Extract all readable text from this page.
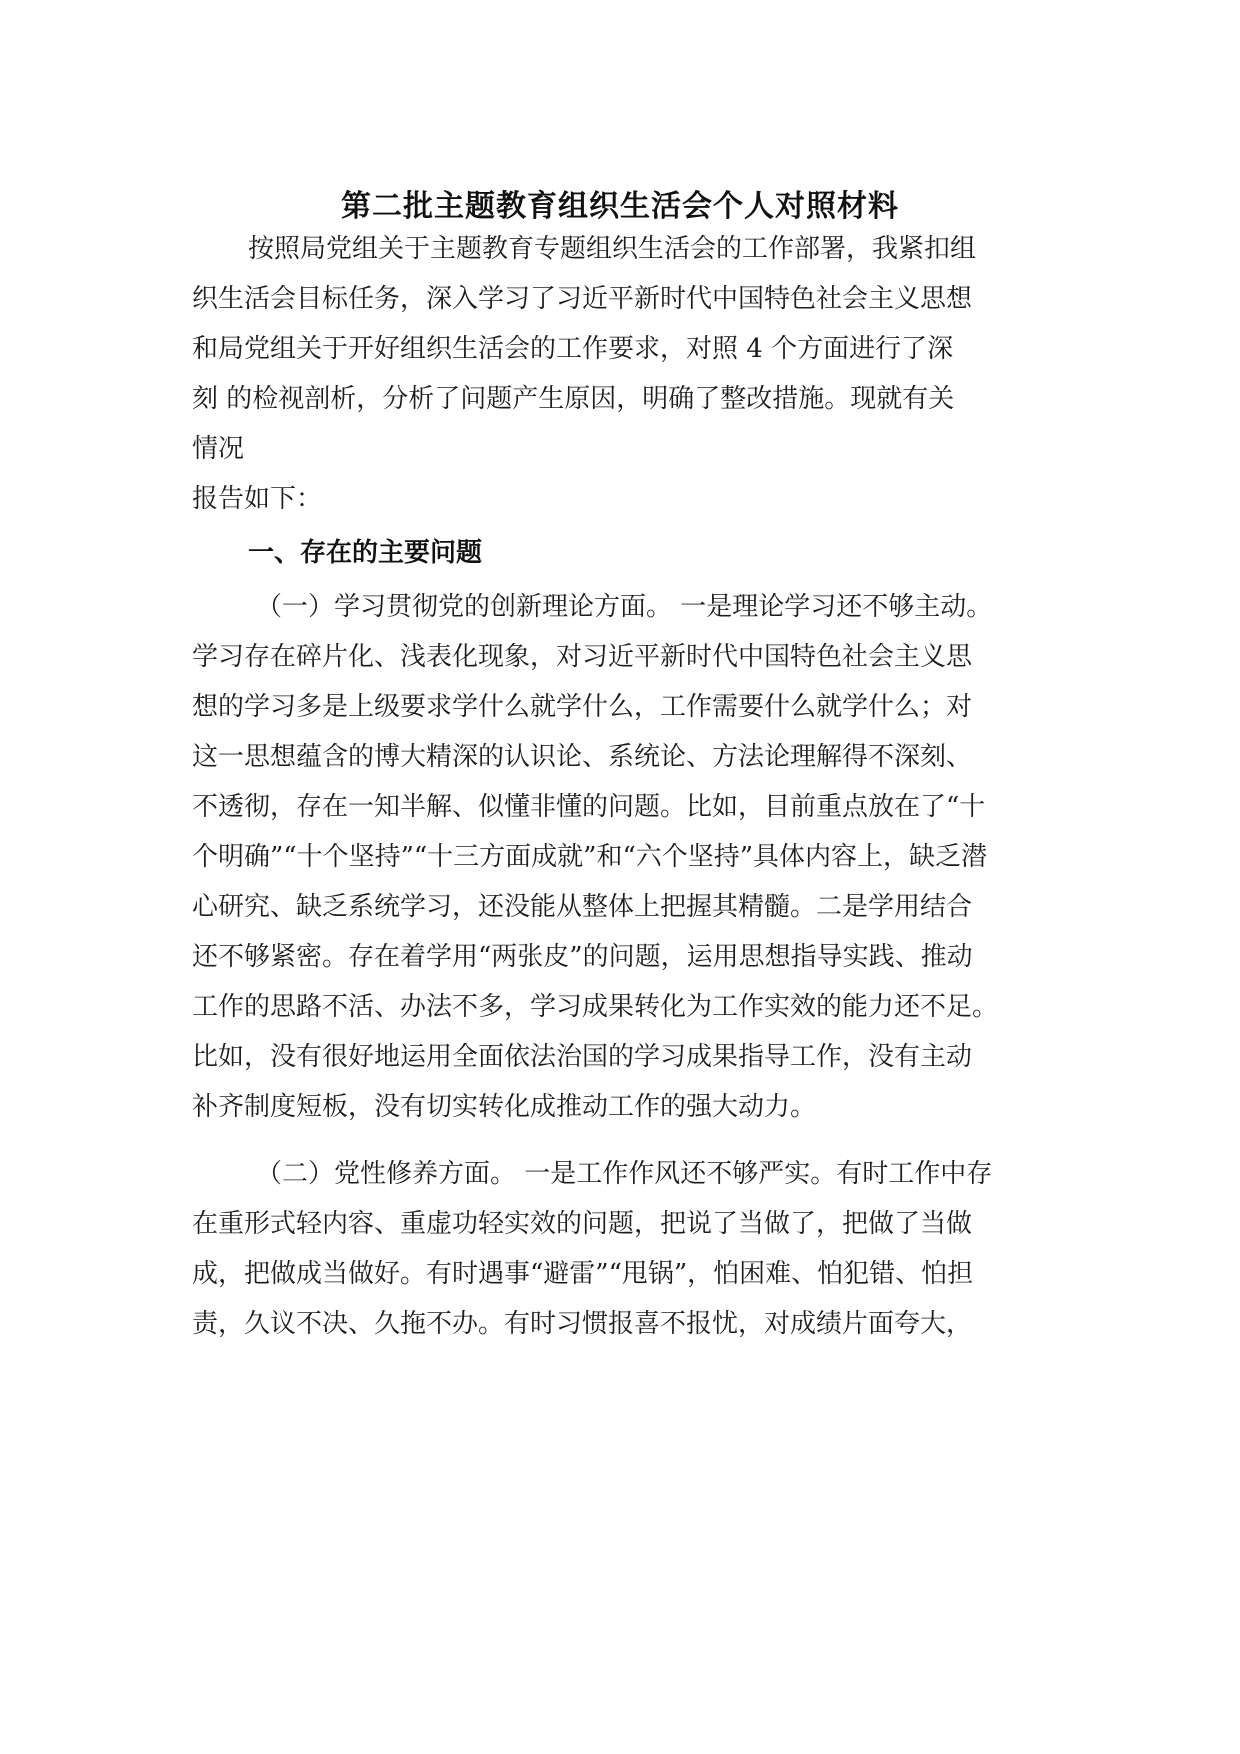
第二批主题教育组织生活会个人对照材料
按照局党组关于主题教育专题组织生活会的工作部署，我紧扣组
织生活会目标任务，深入学习了习近平新时代中国特色社会主义思想
和局党组关于开好组织生活会的工作要求，对照 4 个方面进行了深
刻 的检视剖析，分析了问题产生原因，明确了整改措施。现就有关
情况
报告如下：
一、存在的主要问题
（一）学习贯彻党的创新理论方面。 一是理论学习还不够主动。
学习存在碎片化、浅表化现象，对习近平新时代中国特色社会主义思
想的学习多是上级要求学什么就学什么，工作需要什么就学什么；对
这一思想蕴含的博大精深的认识论、系统论、方法论理解得不深刻、
不透彻，存在一知半解、似懂非懂的问题。比如，目前重点放在了“十
个明确”“十个坚持”“十三方面成就”和“六个坚持”具体内容上，缺乏潜
心研究、缺乏系统学习，还没能从整体上把握其精髓。二是学用结合
还不够紧密。存在着学用“两张皮”的问题，运用思想指导实践、推动
工作的思路不活、办法不多，学习成果转化为工作实效的能力还不足。
比如，没有很好地运用全面依法治国的学习成果指导工作，没有主动
补齐制度短板，没有切实转化成推动工作的强大动力。
（二）党性修养方面。 一是工作作风还不够严实。有时工作中存
在重形式轻内容、重虚功轻实效的问题，把说了当做了，把做了当做
成，把做成当做好。有时遇事“避雷”“甩锅”，怕困难、怕犯错、怕担
责，久议不决、久拖不办。有时习惯报喜不报忧，对成绩片面夸大，
